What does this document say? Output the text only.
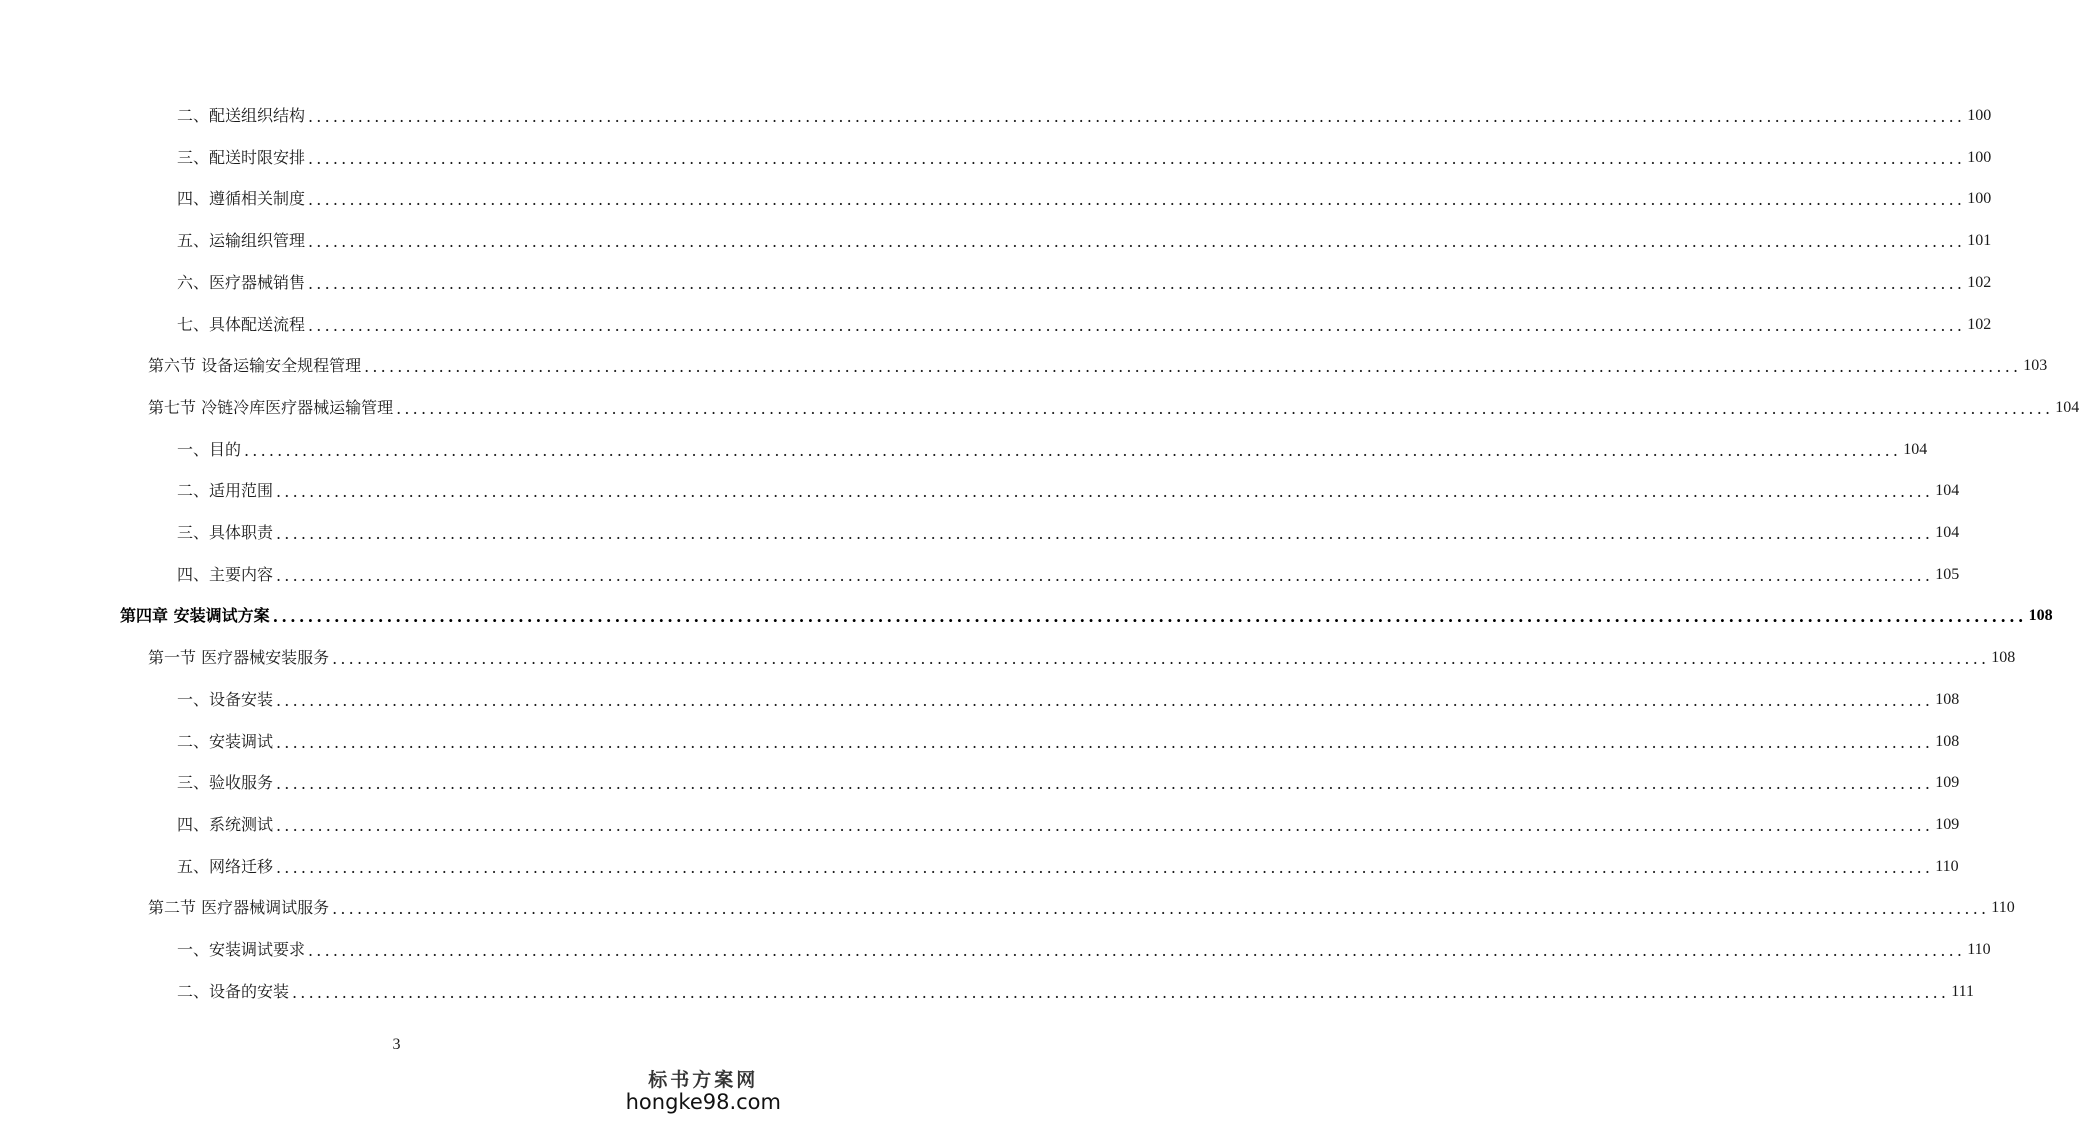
二、配送组织结构 ........................................................................................................................................................................................................ 100
三、配送时限安排 ........................................................................................................................................................................................................ 100
四、遵循相关制度 ........................................................................................................................................................................................................ 100
五、运输组织管理 ........................................................................................................................................................................................................ 101
六、医疗器械销售 ........................................................................................................................................................................................................ 102
七、具体配送流程 ........................................................................................................................................................................................................ 102
第六节 设备运输安全规程管理 ........................................................................................................................................................................................................ 103
第七节 冷链冷库医疗器械运输管理 ........................................................................................................................................................................................................ 104
一、目的 ........................................................................................................................................................................................................ 104
二、适用范围 ........................................................................................................................................................................................................ 104
三、具体职责 ........................................................................................................................................................................................................ 104
四、主要内容 ........................................................................................................................................................................................................ 105
第四章 安装调试方案 ........................................................................................................................................................................................................ 108
第一节 医疗器械安装服务 ........................................................................................................................................................................................................ 108
一、设备安装 ........................................................................................................................................................................................................ 108
二、安装调试 ........................................................................................................................................................................................................ 108
三、验收服务 ........................................................................................................................................................................................................ 109
四、系统测试 ........................................................................................................................................................................................................ 109
五、网络迁移 ........................................................................................................................................................................................................ 110
第二节 医疗器械调试服务 ........................................................................................................................................................................................................ 110
一、安装调试要求 ........................................................................................................................................................................................................ 110
二、设备的安装 ........................................................................................................................................................................................................ 111
3
标书方案网
hongke98.com
